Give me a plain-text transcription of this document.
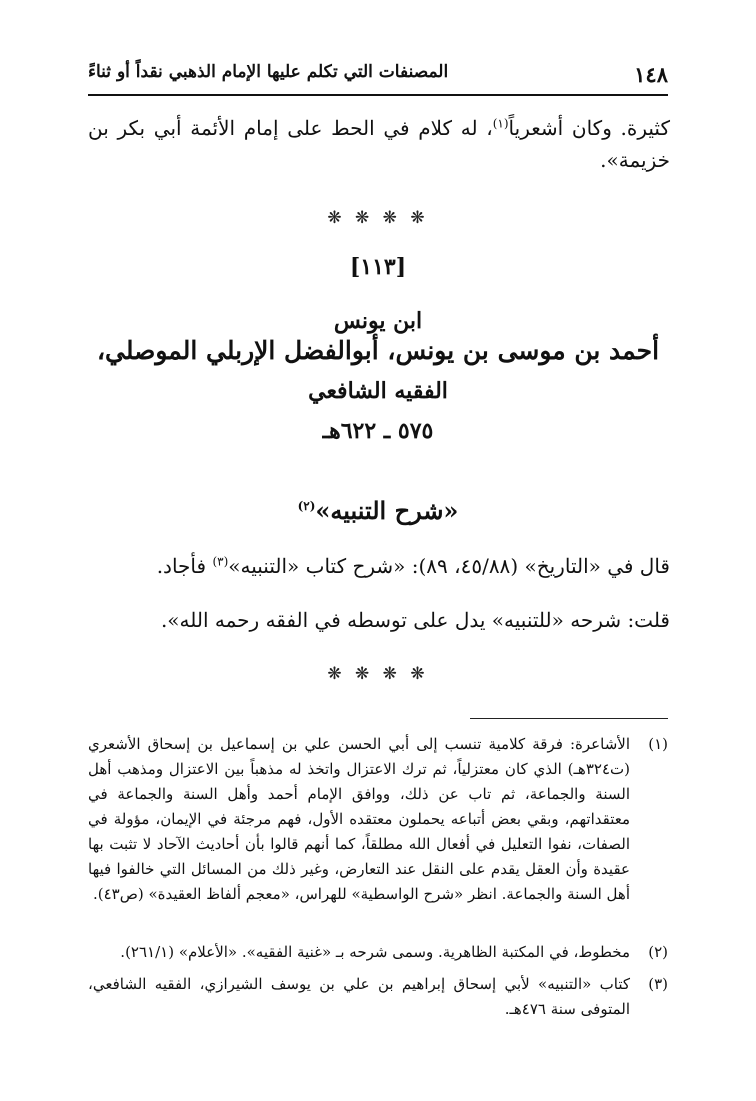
١٤٨
المصنفات التي تكلم عليها الإمام الذهبي نقداً أو ثناءً
كثيرة. وكان أشعرياً$^{(١)}$، له كلام في الحط على إمام الأئمة أبي بكر بن خزيمة».
❋ ❋ ❋ ❋
[١١٣]
ابن يونس
أحمد بن موسى بن يونس، أبوالفضل الإربلي الموصلي،
الفقيه الشافعي
٥٧٥ ـ ٦٢٢هـ
«شرح التنبيه»$^{(٢)}$
قال في «التاريخ» (٤٥/٨٨، ٨٩): «شرح كتاب «التنبيه»$^{(٣)}$ فأجاد.
قلت: شرحه «للتنبيه» يدل على توسطه في الفقه رحمه الله».
❋ ❋ ❋ ❋
(١)
الأشاعرة: فرقة كلامية تنسب إلى أبي الحسن علي بن إسماعيل بن إسحاق الأشعري (ت٣٢٤هـ) الذي كان معتزلياً، ثم ترك الاعتزال واتخذ له مذهباً بين الاعتزال ومذهب أهل السنة والجماعة، ثم تاب عن ذلك، ووافق الإمام أحمد وأهل السنة والجماعة في معتقداتهم، وبقي بعض أتباعه يحملون معتقده الأول، فهم مرجئة في الإيمان، مؤولة في الصفات، نفوا التعليل في أفعال الله مطلقاً، كما أنهم قالوا بأن أحاديث الآحاد لا تثبت بها عقيدة وأن العقل يقدم على النقل عند التعارض، وغير ذلك من المسائل التي خالفوا فيها أهل السنة والجماعة. انظر «شرح الواسطية» للهراس، «معجم ألفاظ العقيدة» (ص٤٣).
(٢)
مخطوط، في المكتبة الظاهرية. وسمى شرحه بـ «غنية الفقيه». «الأعلام» (٢٦١/١).
(٣)
كتاب «التنبيه» لأبي إسحاق إبراهيم بن علي بن يوسف الشيرازي، الفقيه الشافعي، المتوفى سنة ٤٧٦هـ.
